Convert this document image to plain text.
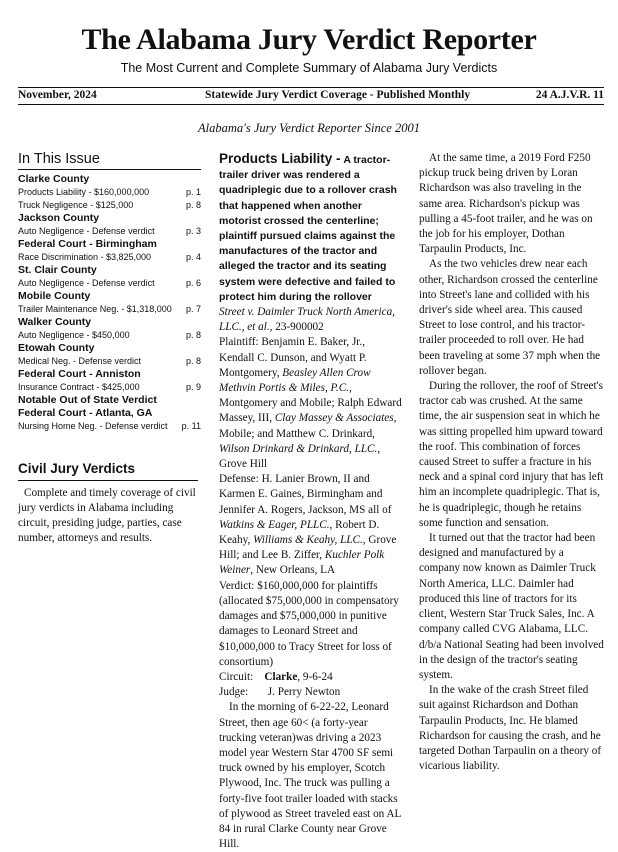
The Alabama Jury Verdict Reporter
The Most Current and Complete Summary of Alabama Jury Verdicts
November, 2024	Statewide Jury Verdict Coverage - Published Monthly	24 A.J.V.R. 11
Alabama's Jury Verdict Reporter Since 2001
In This Issue
Clarke County
Products Liability - $160,000,000	p. 1
Truck Negligence - $125,000	p. 8
Jackson County
Auto Negligence - Defense verdict	p. 3
Federal Court - Birmingham
Race Discrimination - $3,825,000	p. 4
St. Clair County
Auto Negligence - Defense verdict	p. 6
Mobile County
Trailer Maintenance Neg. - $1,318,000 p. 7
Walker County
Auto Negligence - $450,000	p. 8
Etowah County
Medical Neg. - Defense verdict	p. 8
Federal Court - Anniston
Insurance Contract - $425,000	p. 9
Notable Out of State Verdict
Federal Court - Atlanta, GA
Nursing Home Neg. - Defense verdict p. 11
Civil Jury Verdicts

Complete and timely coverage of civil jury verdicts in Alabama including circuit, presiding judge, parties, case number, attorneys and results.

Products Liability - A tractor-trailer driver was rendered a quadriplegic due to a rollover crash that happened when another motorist crossed the centerline; plaintiff pursued claims against the manufactures of the tractor and alleged the tractor and its seating system were defective and failed to protect him during the rollover

Street v. Daimler Truck North America, LLC., et al., 23-900002

Plaintiff: Benjamin E. Baker, Jr., Kendall C. Dunson, and Wyatt P. Montgomery, Beasley Allen Crow Methvin Portis & Miles, P.C., Montgomery and Mobile; Ralph Edward Massey, III, Clay Massey & Associates, Mobile; and Matthew C. Drinkard, Wilson Drinkard & Drinkard, LLC., Grove Hill

Defense: H. Lanier Brown, II and Karmen E. Gaines, Birmingham and Jennifer A. Rogers, Jackson, MS all of Watkins & Eager, PLLC., Robert D. Keahy, Williams & Keahy, LLC., Grove Hill; and Lee B. Ziffer, Kuchler Polk Weiner, New Orleans, LA

Verdict: $160,000,000 for plaintiffs (allocated $75,000,000 in compensatory damages and $75,000,000 in punitive damages to Leonard Street and $10,000,000 to Tracy Street for loss of consortium)

Circuit:    Clarke, 9-6-24

Judge:       J. Perry Newton

In the morning of 6-22-22, Leonard Street, then age 60< (a forty-year trucking veteran)was driving a 2023 model year Western Star 4700 SF semi truck owned by his employer, Scotch Plywood, Inc. The truck was pulling a forty-five foot trailer loaded with stacks of plywood as Street traveled east on AL 84 in rural Clarke County near Grove Hill.

At the same time, a 2019 Ford F250 pickup truck being driven by Loran Richardson was also traveling in the same area. Richardson's pickup was pulling a 45-foot trailer, and he was on the job for his employer, Dothan Tarpaulin Products, Inc.

As the two vehicles drew near each other, Richardson crossed the centerline into Street's lane and collided with his driver's side wheel area. This caused Street to lose control, and his tractor-trailer proceeded to roll over. He had been traveling at some 37 mph when the rollover began.

During the rollover, the roof of Street's tractor cab was crushed. At the same time, the air suspension seat in which he was sitting propelled him upward toward the roof. This combination of forces caused Street to suffer a fracture in his neck and a spinal cord injury that has left him an incomplete quadriplegic. That is, he is quadriplegic, though he retains some function and sensation.

It turned out that the tractor had been designed and manufactured by a company now known as Daimler Truck North America, LLC. Daimler had produced this line of tractors for its client, Western Star Truck Sales, Inc. A company called CVG Alabama, LLC. d/b/a National Seating had been involved in the design of the tractor's seating system.

In the wake of the crash Street filed suit against Richardson and Dothan Tarpaulin Products, Inc. He blamed Richardson for causing the crash, and he targeted Dothan Tarpaulin on a theory of vicarious liability.
